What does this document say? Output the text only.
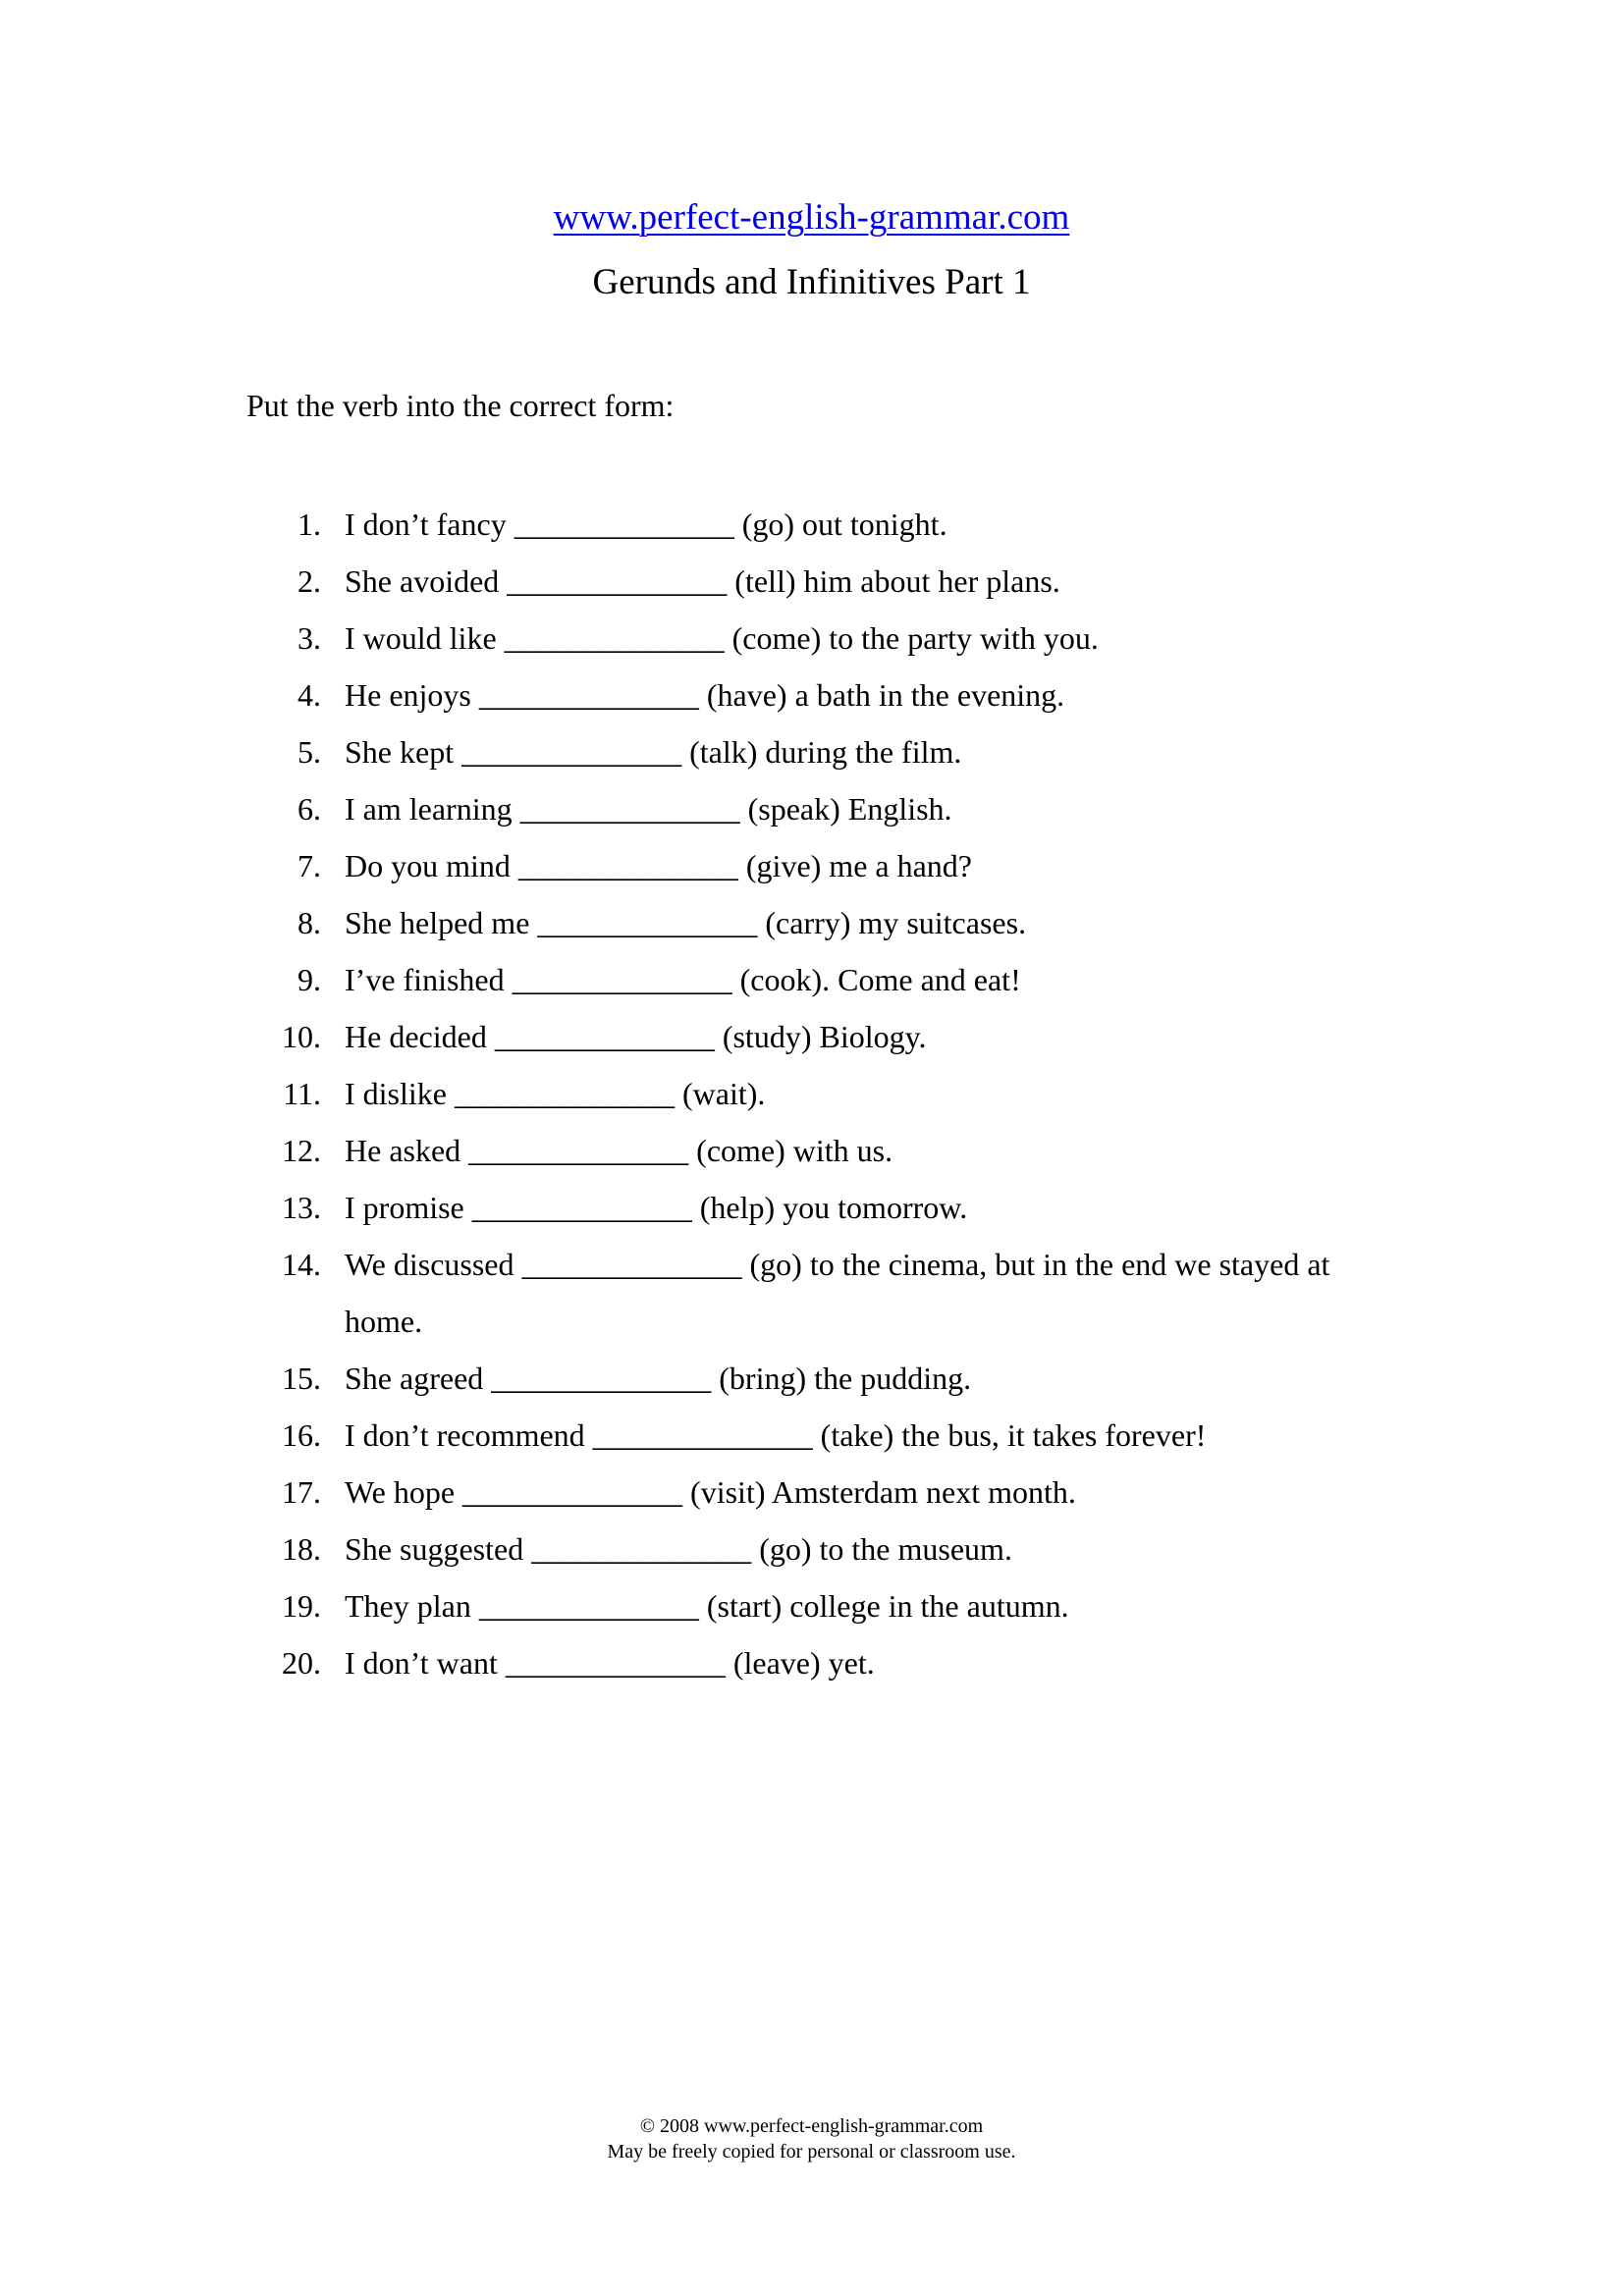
www.perfect-english-grammar.com
Gerunds and Infinitives Part 1
Put the verb into the correct form:
1. I don’t fancy ______________ (go) out tonight.
2. She avoided ______________ (tell) him about her plans.
3. I would like ______________ (come) to the party with you.
4. He enjoys ______________ (have) a bath in the evening.
5. She kept ______________ (talk) during the film.
6. I am learning ______________ (speak) English.
7. Do you mind ______________ (give) me a hand?
8. She helped me ______________ (carry) my suitcases.
9. I’ve finished ______________ (cook). Come and eat!
10. He decided ______________ (study) Biology.
11. I dislike ______________ (wait).
12. He asked ______________ (come) with us.
13. I promise ______________ (help) you tomorrow.
14. We discussed ______________ (go) to the cinema, but in the end we stayed at home.
15. She agreed ______________ (bring) the pudding.
16. I don’t recommend ______________ (take) the bus, it takes forever!
17. We hope ______________ (visit) Amsterdam next month.
18. She suggested ______________ (go) to the museum.
19. They plan ______________ (start) college in the autumn.
20. I don’t want ______________ (leave) yet.
© 2008 www.perfect-english-grammar.com
May be freely copied for personal or classroom use.
